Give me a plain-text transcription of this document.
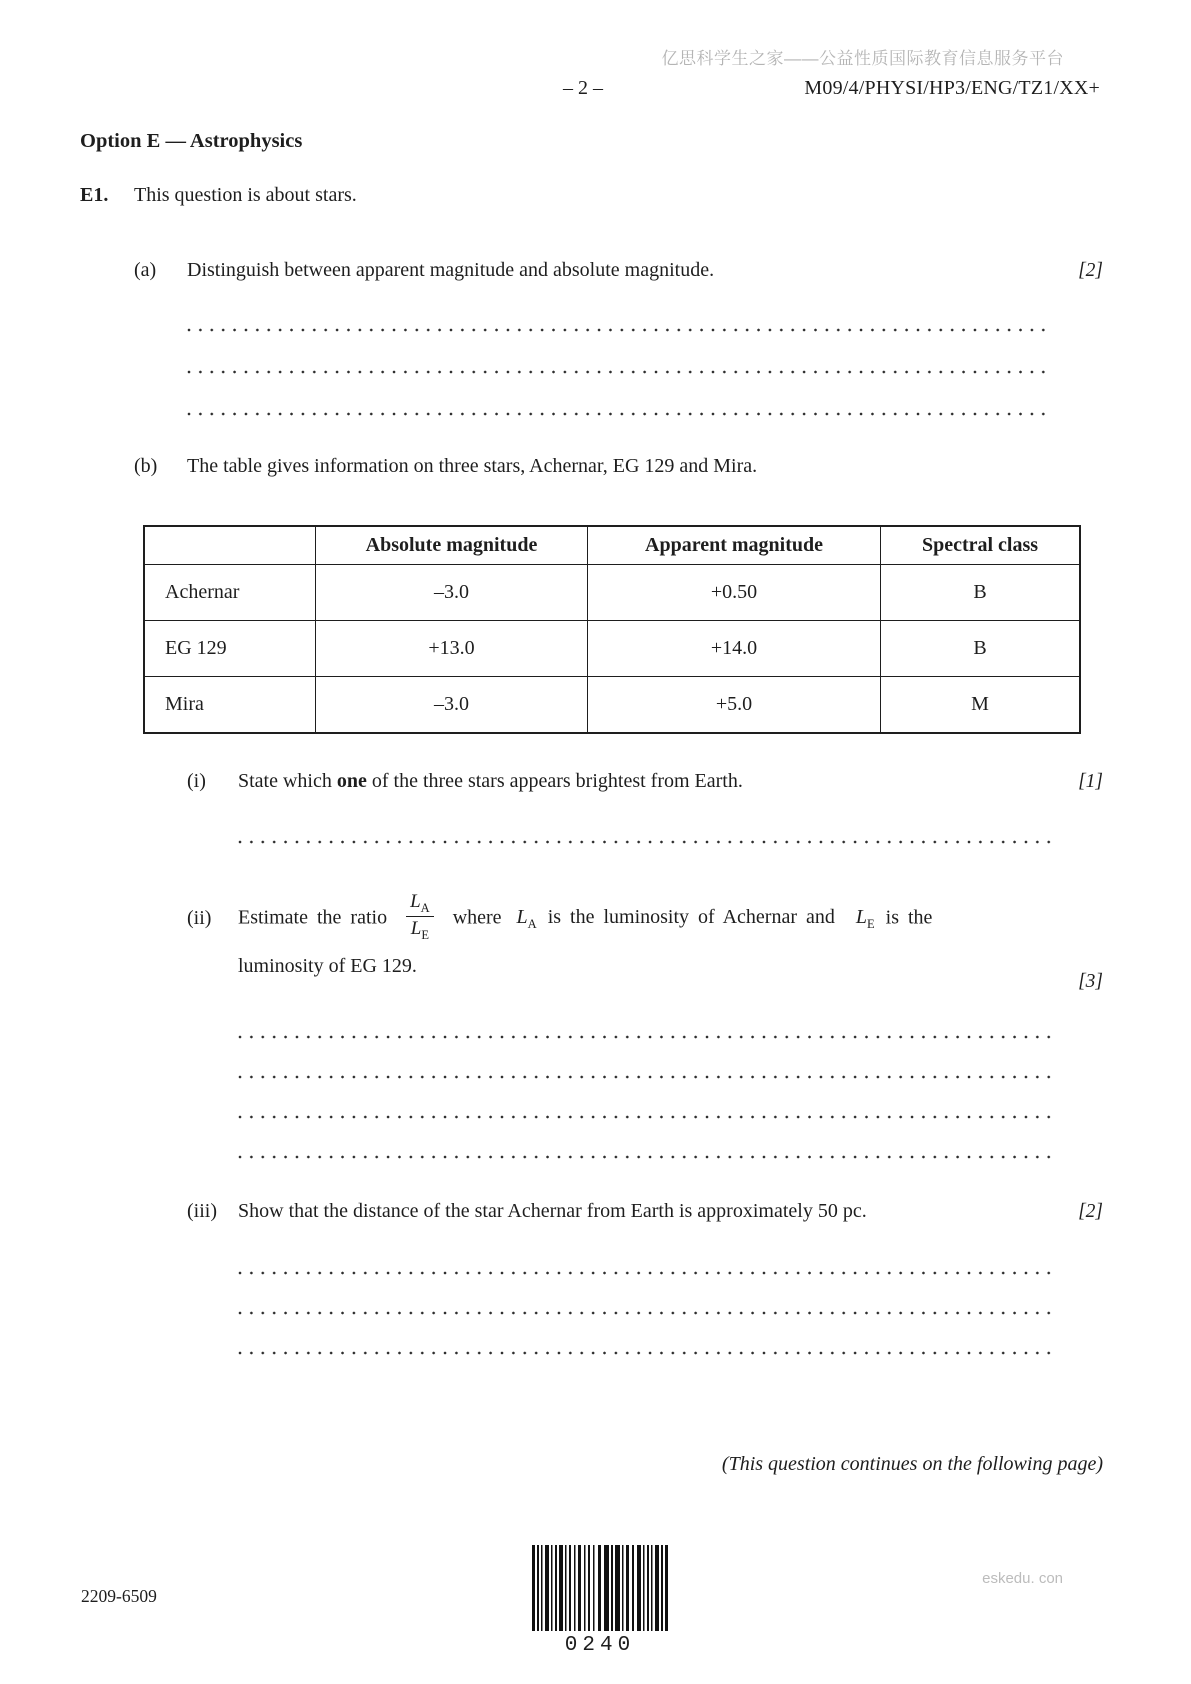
亿思科学生之家——公益性质国际教育信息服务平台
– 2 –	M09/4/PHYSI/HP3/ENG/TZ1/XX+
Option E — Astrophysics
E1.	This question is about stars.
(a)	Distinguish between apparent magnitude and absolute magnitude.	[2]
(b)	The table gives information on three stars, Achernar, EG 129 and Mira.
	Absolute magnitude	Apparent magnitude	Spectral class
Achernar	–3.0	+0.50	B
EG 129	+13.0	+14.0	B
Mira	–3.0	+5.0	M
(i)	State which one of the three stars appears brightest from Earth.	[1]
(ii)	Estimate the ratio $\frac{L_A}{L_E}$ where $L_A$ is the luminosity of Achernar and $L_E$ is the
luminosity of EG 129.
[3]
(iii)	Show that the distance of the star Achernar from Earth is approximately 50 pc.	[2]
(This question continues on the following page)
2209-6509
0240
eskedu. con
